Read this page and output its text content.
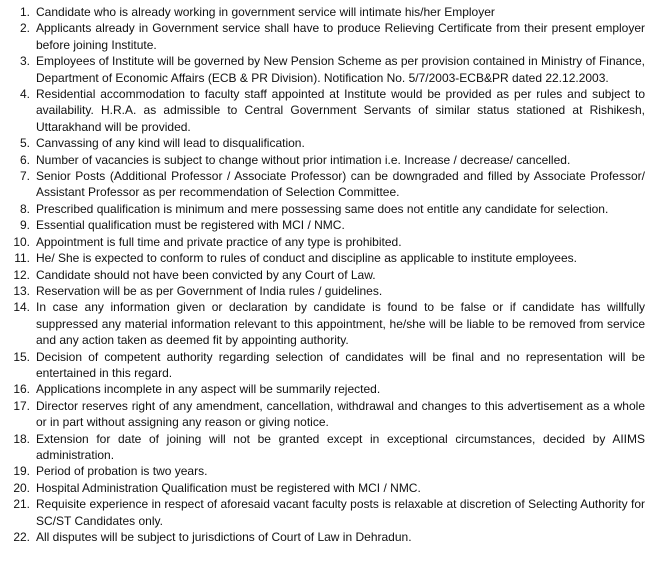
1. Candidate who is already working in government service will intimate his/her Employer
2. Applicants already in Government service shall have to produce Relieving Certificate from their present employer before joining Institute.
3. Employees of Institute will be governed by New Pension Scheme as per provision contained in Ministry of Finance, Department of Economic Affairs (ECB & PR Division). Notification No. 5/7/2003-ECB&PR dated 22.12.2003.
4. Residential accommodation to faculty staff appointed at Institute would be provided as per rules and subject to availability. H.R.A. as admissible to Central Government Servants of similar status stationed at Rishikesh, Uttarakhand will be provided.
5. Canvassing of any kind will lead to disqualification.
6. Number of vacancies is subject to change without prior intimation i.e. Increase / decrease/ cancelled.
7. Senior Posts (Additional Professor / Associate Professor) can be downgraded and filled by Associate Professor/ Assistant Professor as per recommendation of Selection Committee.
8. Prescribed qualification is minimum and mere possessing same does not entitle any candidate for selection.
9. Essential qualification must be registered with MCI / NMC.
10. Appointment is full time and private practice of any type is prohibited.
11. He/ She is expected to conform to rules of conduct and discipline as applicable to institute employees.
12. Candidate should not have been convicted by any Court of Law.
13. Reservation will be as per Government of India rules / guidelines.
14. In case any information given or declaration by candidate is found to be false or if candidate has willfully suppressed any material information relevant to this appointment, he/she will be liable to be removed from service and any action taken as deemed fit by appointing authority.
15. Decision of competent authority regarding selection of candidates will be final and no representation will be entertained in this regard.
16. Applications incomplete in any aspect will be summarily rejected.
17. Director reserves right of any amendment, cancellation, withdrawal and changes to this advertisement as a whole or in part without assigning any reason or giving notice.
18. Extension for date of joining will not be granted except in exceptional circumstances, decided by AIIMS administration.
19. Period of probation is two years.
20. Hospital Administration Qualification must be registered with MCI / NMC.
21. Requisite experience in respect of aforesaid vacant faculty posts is relaxable at discretion of Selecting Authority for SC/ST Candidates only.
22. All disputes will be subject to jurisdictions of Court of Law in Dehradun.
